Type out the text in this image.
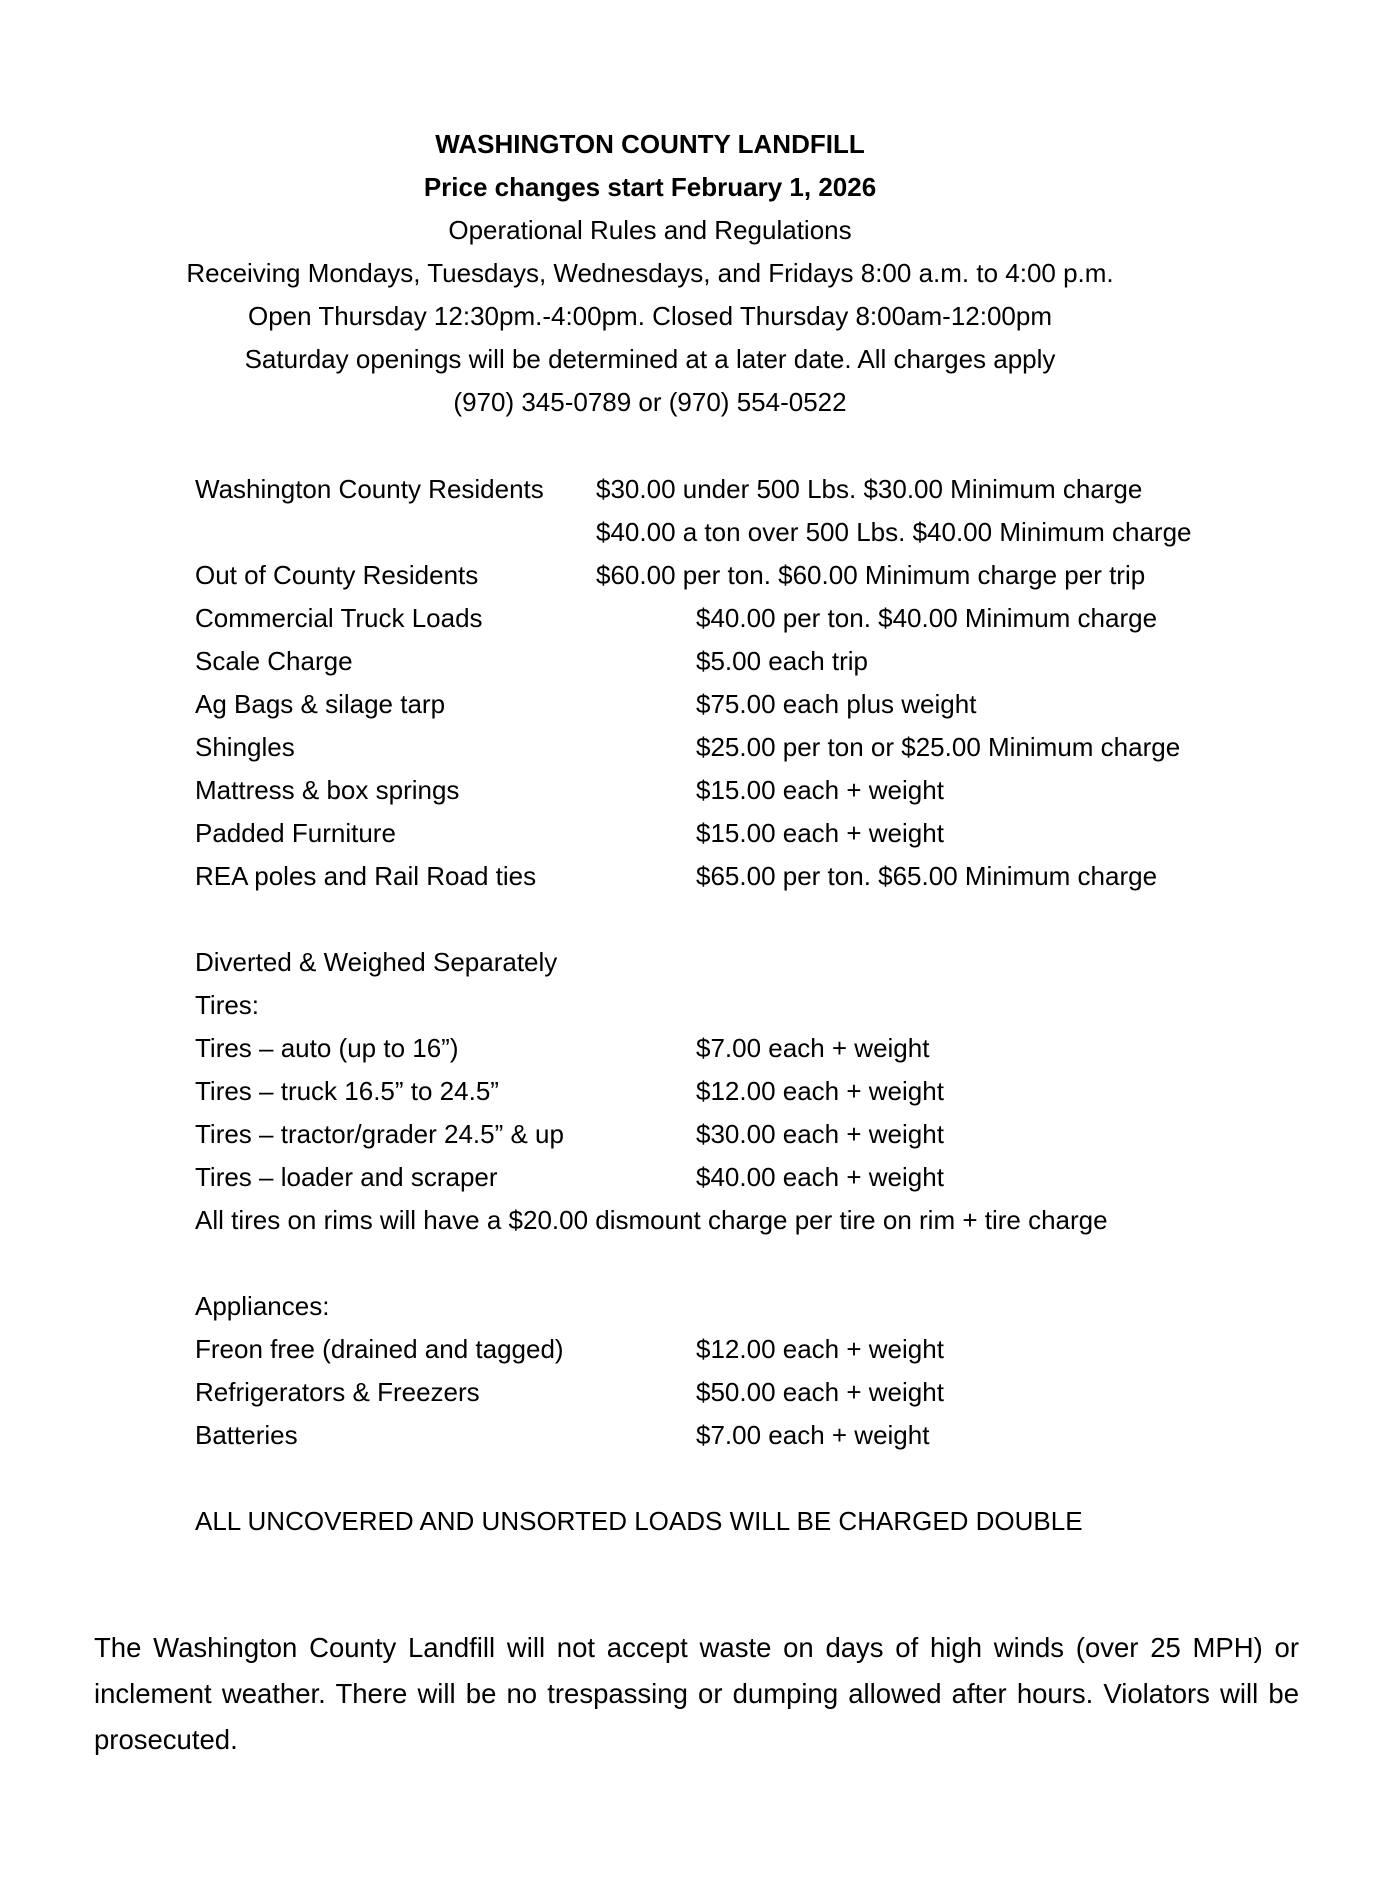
WASHINGTON COUNTY LANDFILL
Price changes start February 1, 2026
Operational Rules and Regulations
Receiving Mondays, Tuesdays, Wednesdays, and Fridays 8:00 a.m. to 4:00 p.m.
Open Thursday 12:30pm.-4:00pm. Closed Thursday 8:00am-12:00pm
Saturday openings will be determined at a later date. All charges apply
(970) 345-0789 or (970) 554-0522
Washington County Residents $30.00 under 500 Lbs. $30.00 Minimum charge
$40.00 a ton over 500 Lbs. $40.00 Minimum charge
Out of County Residents	$60.00 per ton. $60.00 Minimum charge per trip
Commercial Truck Loads	$40.00 per ton. $40.00 Minimum charge
Scale Charge	$5.00 each trip
Ag Bags & silage tarp	$75.00 each plus weight
Shingles	$25.00 per ton or $25.00 Minimum charge
Mattress & box springs	$15.00 each + weight
Padded Furniture	$15.00 each + weight
REA poles and Rail Road ties	$65.00 per ton. $65.00 Minimum charge
Diverted & Weighed Separately
Tires:
Tires – auto (up to 16”)	$7.00 each + weight
Tires – truck 16.5” to 24.5”	$12.00 each + weight
Tires – tractor/grader 24.5” & up	$30.00 each + weight
Tires – loader and scraper	$40.00 each + weight
All tires on rims will have a $20.00 dismount charge per tire on rim + tire charge
Appliances:
Freon free (drained and tagged)	$12.00 each + weight
Refrigerators & Freezers	$50.00 each + weight
Batteries	$7.00 each + weight
ALL UNCOVERED AND UNSORTED LOADS WILL BE CHARGED DOUBLE
The Washington County Landfill will not accept waste on days of high winds (over 25 MPH) or inclement weather. There will be no trespassing or dumping allowed after hours. Violators will be prosecuted.
